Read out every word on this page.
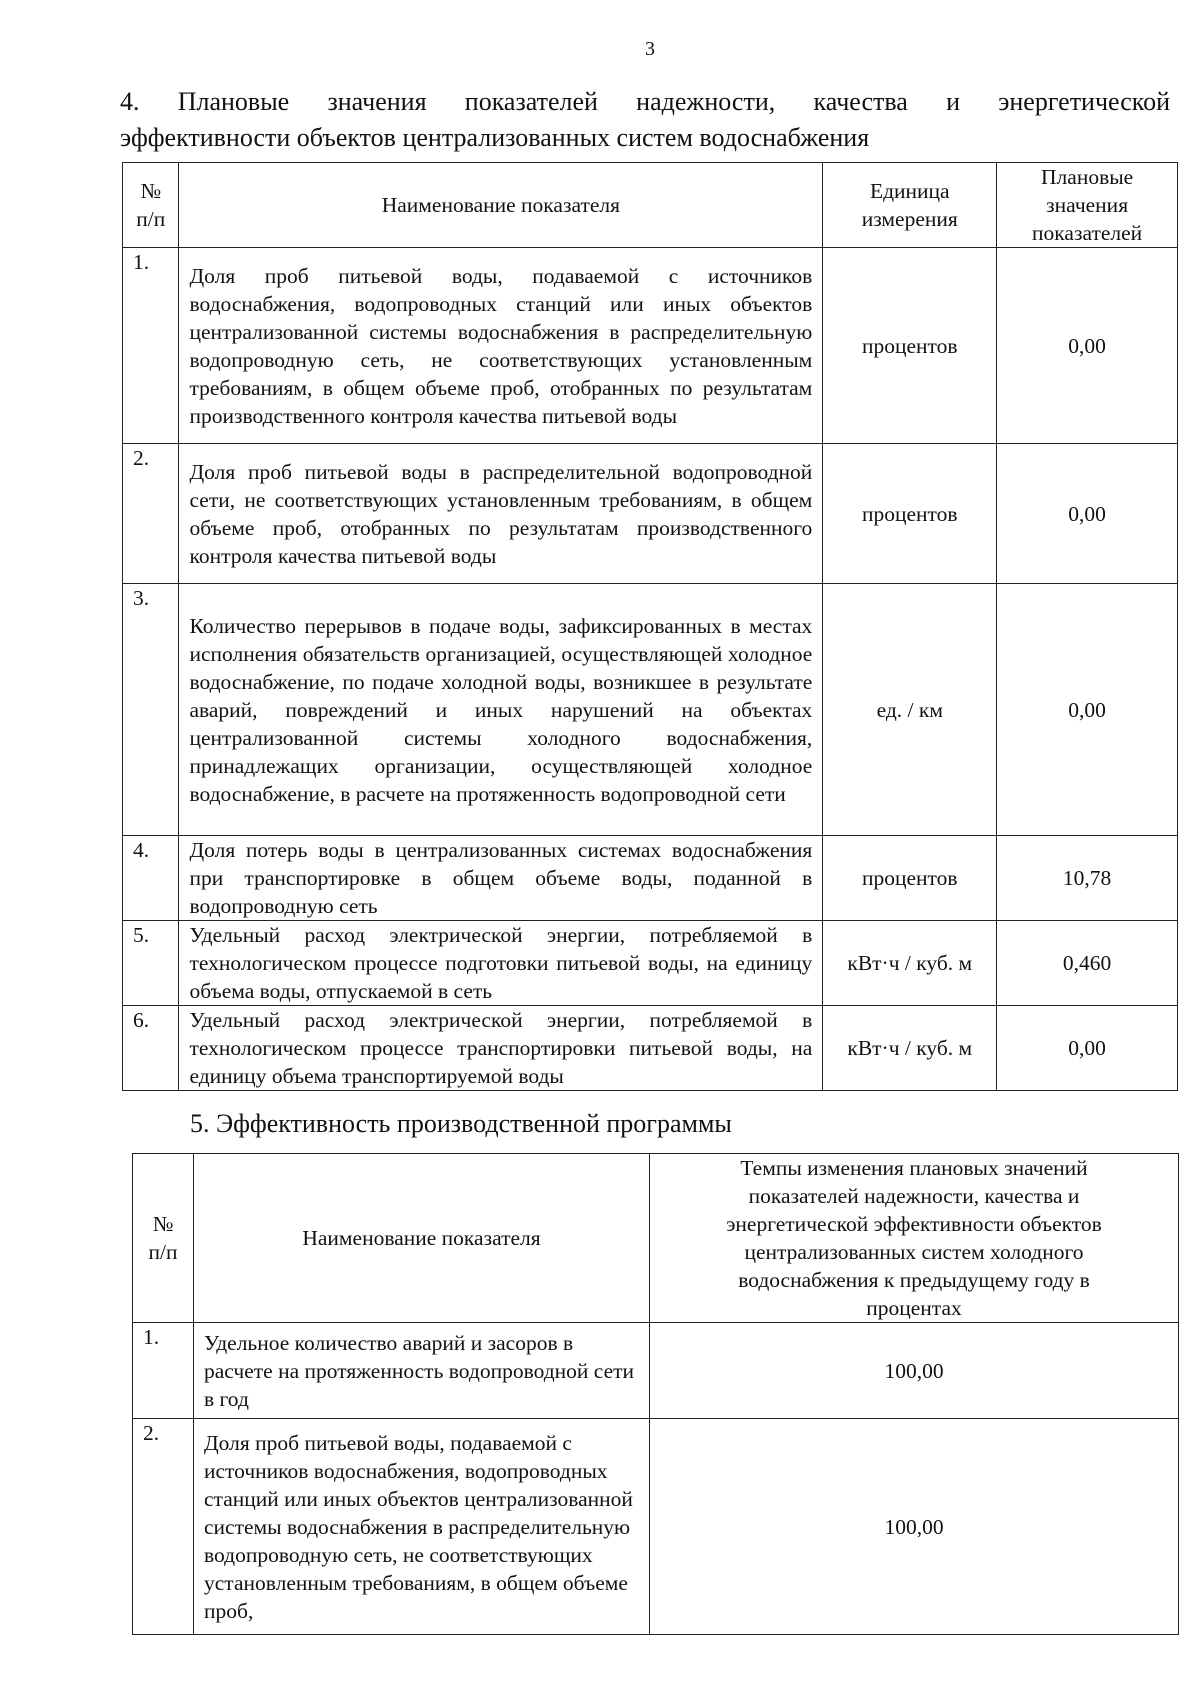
3
4. Плановые значения показателей надежности, качества и энергетической
эффективности объектов централизованных систем водоснабжения
№ п/п	Наименование показателя	Единица измерения	Плановые значения показателей
1.	Доля проб питьевой воды, подаваемой с источников водоснабжения, водопроводных станций или иных объектов централизованной системы водоснабжения в распределительную водопроводную сеть, не соответствующих установленным требованиям, в общем объеме проб, отобранных по результатам производственного контроля качества питьевой воды	процентов	0,00
2.	Доля проб питьевой воды в распределительной водопроводной сети, не соответствующих установленным требованиям, в общем объеме проб, отобранных по результатам производственного контроля качества питьевой воды	процентов	0,00
3.	Количество перерывов в подаче воды, зафиксированных в местах исполнения обязательств организацией, осуществляющей холодное водоснабжение, по подаче холодной воды, возникшее в результате аварий, повреждений и иных нарушений на объектах централизованной системы холодного водоснабжения, принадлежащих организации, осуществляющей холодное водоснабжение, в расчете на протяженность водопроводной сети	ед. / км	0,00
4.	Доля потерь воды в централизованных системах водоснабжения при транспортировке в общем объеме воды, поданной в водопроводную сеть	процентов	10,78
5.	Удельный расход электрической энергии, потребляемой в технологическом процессе подготовки питьевой воды, на единицу объема воды, отпускаемой в сеть	кВт·ч / куб. м	0,460
6.	Удельный расход электрической энергии, потребляемой в технологическом процессе транспортировки питьевой воды, на единицу объема транспортируемой воды	кВт·ч / куб. м	0,00
5. Эффективность производственной программы
№ п/п	Наименование показателя	Темпы изменения плановых значений показателей надежности, качества и энергетической эффективности объектов централизованных систем холодного водоснабжения к предыдущему году в процентах
1.	Удельное количество аварий и засоров в расчете на протяженность водопроводной сети в год	100,00
2.	Доля проб питьевой воды, подаваемой с источников водоснабжения, водопроводных станций или иных объектов централизованной системы водоснабжения в распределительную водопроводную сеть, не соответствующих установленным требованиям, в общем объеме проб,	100,00
